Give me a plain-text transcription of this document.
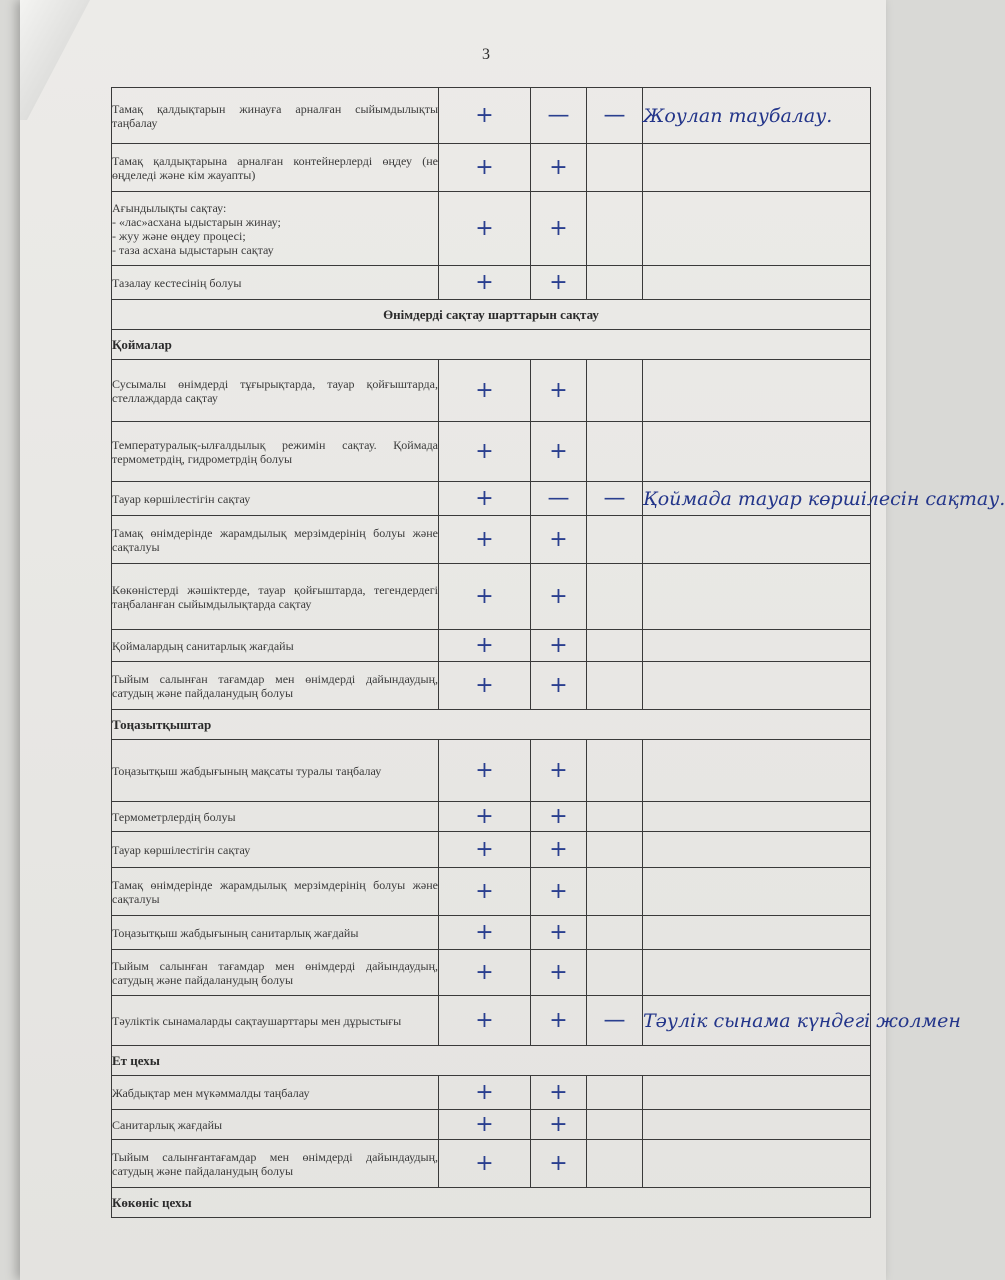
3
Тамақ қалдықтарын жинауға арналған сыйымдылықты таңбалау	+	—	—	Жоулап таубалау.
Тамақ қалдықтарына арналған контейнерлерді өңдеу (не өңделеді және кім жауапты)	+	+		
Ағындылықты сақтау:
- «лас»асхана ыдыстарын жинау;
- жуу және өңдеу процесі;
- таза асхана ыдыстарын сақтау	+	+		
Тазалау кестесінің болуы	+	+		
Өнімдерді сақтау шарттарын сақтау				
Қоймалар				
Сусымалы өнімдерді тұғырықтарда, тауар қойғыштарда, стеллаждарда сақтау	+	+		
Температуралық-ылғалдылық режимін сақтау. Қоймада термометрдің, гидрометрдің болуы	+	+		
Тауар көршілестігін сақтау	+	—	—	Қоймада тауар көршілесін сақтау.
Тамақ өнімдерінде жарамдылық мерзімдерінің болуы және сақталуы	+	+		
Көкөністерді жәшіктерде, тауар қойғыштарда, тегендердегі таңбаланған сыйымдылықтарда сақтау	+	+		
Қоймалардың санитарлық жағдайы	+	+		
Тыйым салынған тағамдар мен өнімдерді дайындаудың, сатудың және пайдаланудың болуы	+	+		
Тоңазытқыштар				
Тоңазытқыш жабдығының мақсаты туралы таңбалау	+	+		
Термометрлердің болуы	+	+		
Тауар көршілестігін сақтау	+	+		
Тамақ өнімдерінде жарамдылық мерзімдерінің болуы және сақталуы	+	+		
Тоңазытқыш жабдығының санитарлық жағдайы	+	+		
Тыйым салынған тағамдар мен өнімдерді дайындаудың, сатудың және пайдаланудың болуы	+	+		
Тәуліктік сынамаларды сақтаушарттары мен дұрыстығы	+	+	—	Тәулік сынама күндегі жолмен
Ет цехы				
Жабдықтар мен мүкәммалды таңбалау	+	+		
Санитарлық жағдайы	+	+		
Тыйым салынғантағамдар мен өнімдерді дайындаудың, сатудың және пайдаланудың болуы	+	+		
Көкөніс цехы				
